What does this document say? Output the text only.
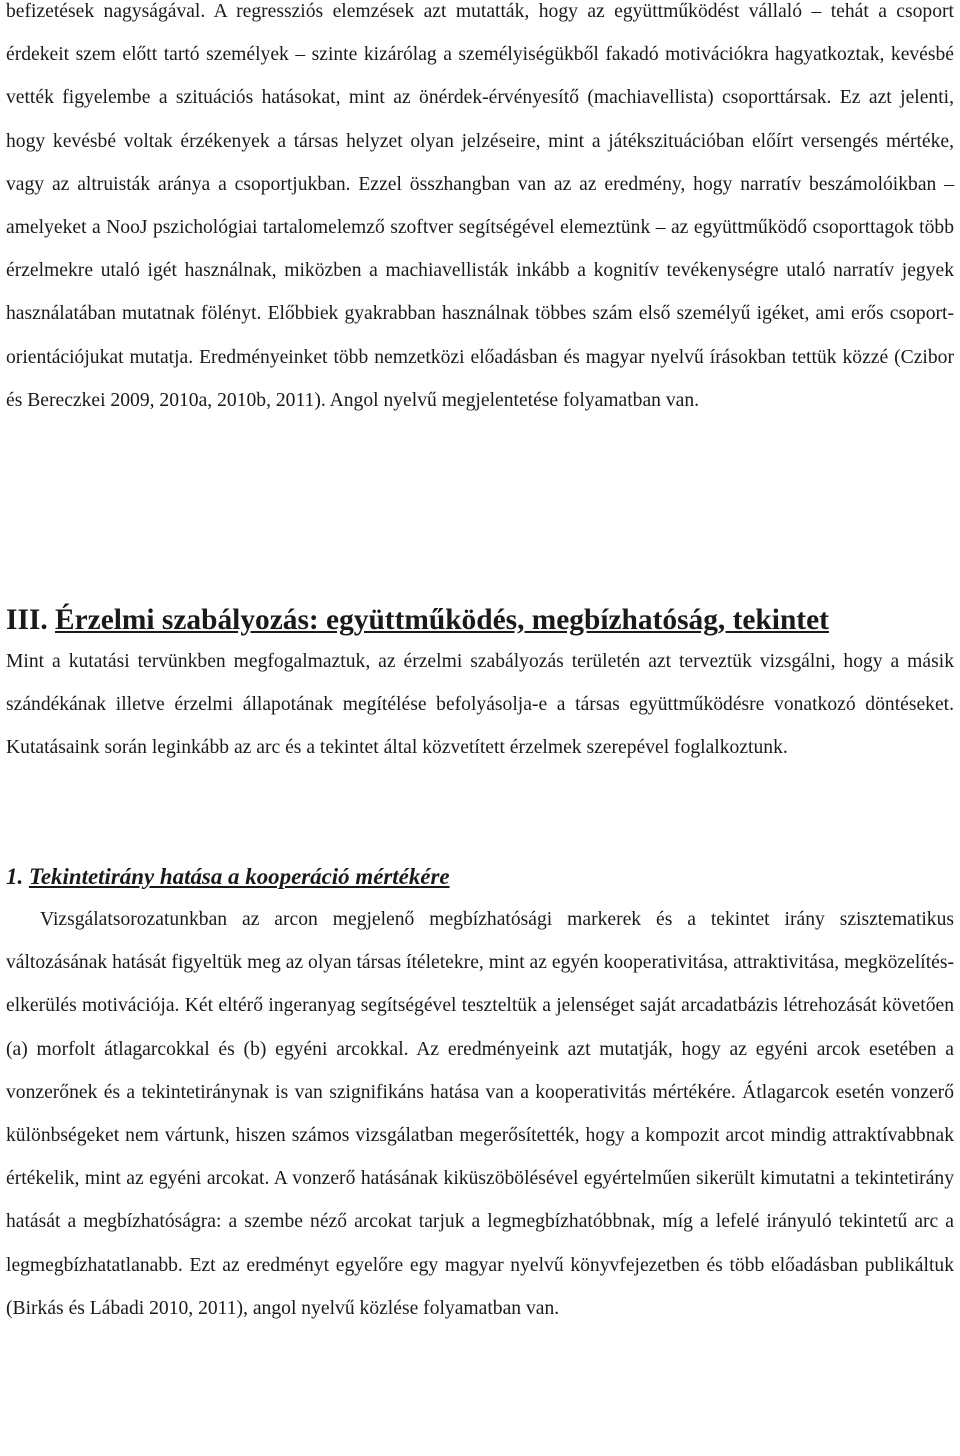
befizetések nagyságával. A regressziós elemzések azt mutatták, hogy az együttműködést vállaló – tehát a csoport érdekeit szem előtt tartó személyek – szinte kizárólag a személyiségükből fakadó motivációkra hagyatkoztak, kevésbé vették figyelembe a szituációs hatásokat, mint az önérdek-érvényesítő (machiavellista) csoporttársak. Ez azt jelenti, hogy kevésbé voltak érzékenyek a társas helyzet olyan jelzéseire, mint a játékszituációban előírt versengés mértéke, vagy az altruisták aránya a csoportjukban. Ezzel összhangban van az az eredmény, hogy narratív beszámolóikban – amelyeket a NooJ pszichológiai tartalomelemző szoftver segítségével elemeztünk – az együttműködő csoporttagok több érzelmekre utaló igét használnak, miközben a machiavellisták inkább a kognitív tevékenységre utaló narratív jegyek használatában mutatnak fölényt. Előbbiek gyakrabban használnak többes szám első személyű igéket, ami erős csoport-orientációjukat mutatja. Eredményeinket több nemzetközi előadásban és magyar nyelvű írásokban tettük közzé (Czibor és Bereczkei 2009, 2010a, 2010b, 2011). Angol nyelvű megjelentetése folyamatban van.

III. Érzelmi szabályozás: együttműködés, megbízhatóság, tekintet

Mint a kutatási tervünkben megfogalmaztuk, az érzelmi szabályozás területén azt terveztük vizsgálni, hogy a másik szándékának illetve érzelmi állapotának megítélése befolyásolja-e a társas együttműködésre vonatkozó döntéseket. Kutatásaink során leginkább az arc és a tekintet által közvetített érzelmek szerepével foglalkoztunk.

1. Tekintetirány hatása a kooperáció mértékére

Vizsgálatsorozatunkban az arcon megjelenő megbízhatósági markerek és a tekintet irány szisztematikus változásának hatását figyeltük meg az olyan társas ítéletekre, mint az egyén kooperativitása, attraktivitása, megközelítés-elkerülés motivációja. Két eltérő ingeranyag segítségével teszteltük a jelenséget saját arcadatbázis létrehozását követően (a) morfolt átlagarcokkal és (b) egyéni arcokkal. Az eredményeink azt mutatják, hogy az egyéni arcok esetében a vonzerőnek és a tekintetiránynak is van szignifikáns hatása van a kooperativitás mértékére. Átlagarcok esetén vonzerő különbségeket nem vártunk, hiszen számos vizsgálatban megerősítették, hogy a kompozit arcot mindig attraktívabbnak értékelik, mint az egyéni arcokat. A vonzerő hatásának kiküszöbölésével egyértelműen sikerült kimutatni a tekintetirány hatását a megbízhatóságra: a szembe néző arcokat tarjuk a legmegbízhatóbbnak, míg a lefelé irányuló tekintetű arc a legmegbízhatatlanabb. Ezt az eredményt egyelőre egy magyar nyelvű könyvfejezetben és több előadásban publikáltuk (Birkás és Lábadi 2010, 2011), angol nyelvű közlése folyamatban van.
